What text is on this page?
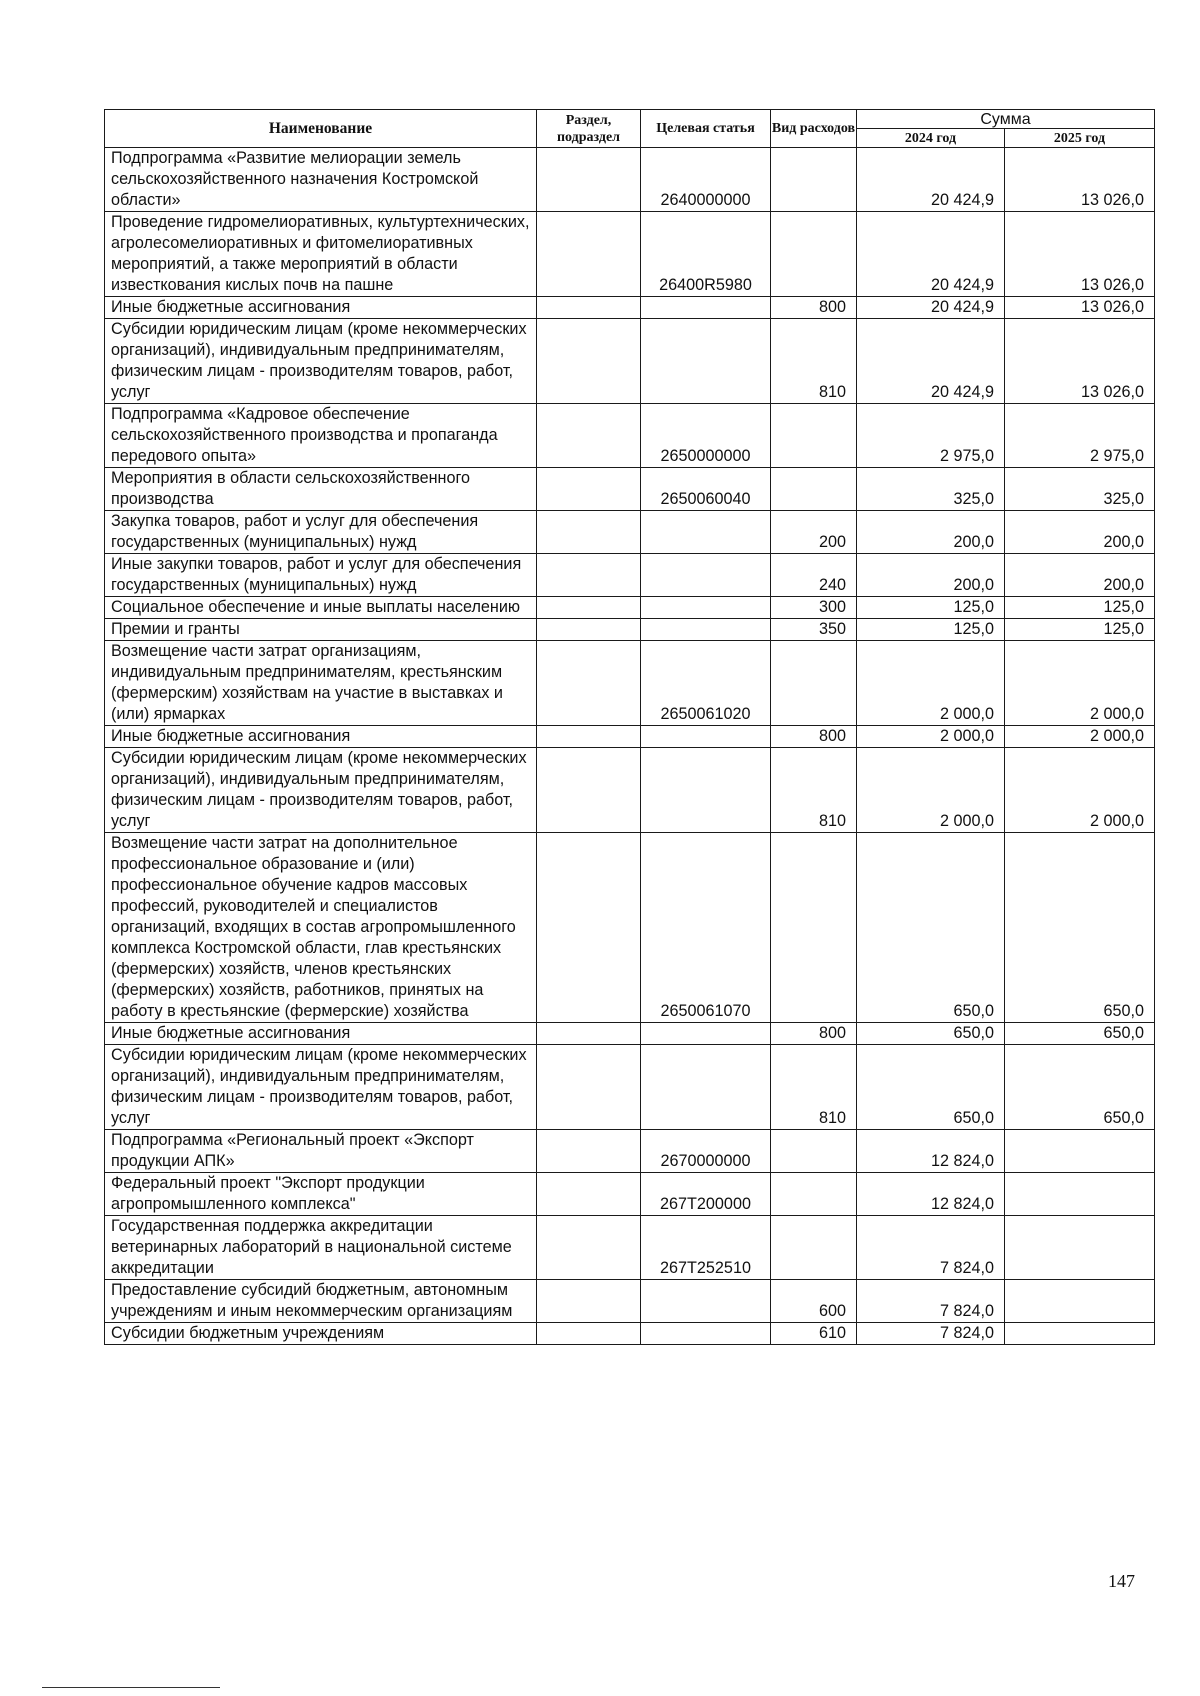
Наименование	Раздел, подраздел	Целевая статья	Вид расходов	Сумма	
				2024 год	2025 год
Подпрограмма «Развитие мелиорации земель сельскохозяйственного назначения Костромской области»		2640000000		20 424,9	13 026,0
Проведение гидромелиоративных, культуртехнических, агролесомелиоративных и фитомелиоративных мероприятий, а также мероприятий в области известкования кислых почв на пашне		26400R5980		20 424,9	13 026,0
Иные бюджетные ассигнования			800	20 424,9	13 026,0
Субсидии юридическим лицам (кроме некоммерческих организаций), индивидуальным предпринимателям, физическим лицам - производителям товаров, работ, услуг			810	20 424,9	13 026,0
Подпрограмма «Кадровое обеспечение сельскохозяйственного производства и пропаганда передового опыта»		2650000000		2 975,0	2 975,0
Мероприятия в области сельскохозяйственного производства		2650060040		325,0	325,0
Закупка товаров, работ и услуг для обеспечения государственных (муниципальных) нужд			200	200,0	200,0
Иные закупки товаров, работ и услуг для обеспечения государственных (муниципальных) нужд			240	200,0	200,0
Социальное обеспечение и иные выплаты населению			300	125,0	125,0
Премии и гранты			350	125,0	125,0
Возмещение части затрат организациям, индивидуальным предпринимателям, крестьянским (фермерским) хозяйствам на участие в выставках и (или) ярмарках		2650061020		2 000,0	2 000,0
Иные бюджетные ассигнования			800	2 000,0	2 000,0
Субсидии юридическим лицам (кроме некоммерческих организаций), индивидуальным предпринимателям, физическим лицам - производителям товаров, работ, услуг			810	2 000,0	2 000,0
Возмещение части затрат на дополнительное профессиональное образование и (или) профессиональное обучение кадров массовых профессий, руководителей и специалистов организаций, входящих в состав агропромышленного комплекса Костромской области, глав крестьянских (фермерских) хозяйств, членов крестьянских (фермерских) хозяйств, работников, принятых на работу в крестьянские (фермерские) хозяйства		2650061070		650,0	650,0
Иные бюджетные ассигнования			800	650,0	650,0
Субсидии юридическим лицам (кроме некоммерческих организаций), индивидуальным предпринимателям, физическим лицам - производителям товаров, работ, услуг			810	650,0	650,0
Подпрограмма «Региональный проект «Экспорт продукции АПК»		2670000000		12 824,0	
Федеральный проект "Экспорт продукции агропромышленного комплекса"		267T200000		12 824,0	
Государственная поддержка аккредитации ветеринарных лабораторий в национальной системе аккредитации		267T252510		7 824,0	
Предоставление субсидий бюджетным, автономным учреждениям и иным некоммерческим организациям			600	7 824,0	
Субсидии бюджетным учреждениям			610	7 824,0	
147
